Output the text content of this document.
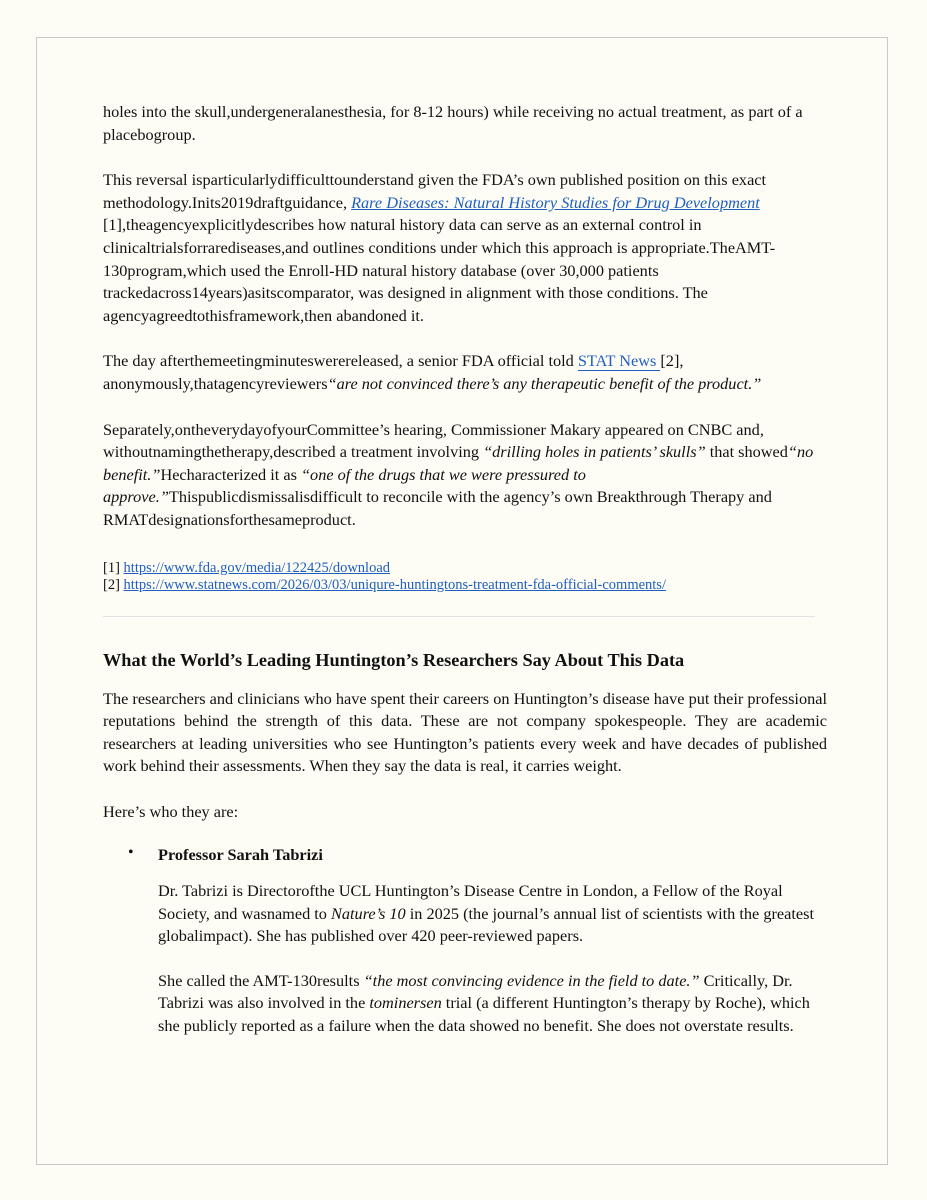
holes into the skull,undergeneralanesthesia, for 8-12 hours) while receiving no actual treatment, as part of a placebogroup.

This reversal isparticularlydifficulttounderstand given the FDA’s own published position on this exact methodology.Inits2019draftguidance, Rare Diseases: Natural History Studies for Drug Development [1],theagencyexplicitlydescribes how natural history data can serve as an external control in clinicaltrialsforrarediseases,and outlines conditions under which this approach is appropriate.TheAMT-130program,which used the Enroll-HD natural history database (over 30,000 patients trackedacross14years)asitscomparator, was designed in alignment with those conditions. The agencyagreedtothisframework,then abandoned it.

The day afterthemeetingminuteswerereleased, a senior FDA official told STAT News [2],
anonymously,thatagencyreviewers“are not convinced there’s any therapeutic benefit of the product.”

Separately,ontheverydayofyourCommittee’s hearing, Commissioner Makary appeared on CNBC and, withoutnamingthetherapy,described a treatment involving “drilling holes in patients’ skulls” that showed“no benefit.”Hecharacterized it as “one of the drugs that we were pressured to approve.”Thispublicdismissalisdifficult to reconcile with the agency’s own Breakthrough Therapy and RMATdesignationsforthesameproduct.

[1] https://www.fda.gov/media/122425/download
[2] https://www.statnews.com/2026/03/03/uniqure-huntingtons-treatment-fda-official-comments/
What the World’s Leading Huntington’s Researchers Say About This Data

The researchers and clinicians who have spent their careers on Huntington’s disease have put their professional reputations behind the strength of this data. These are not company spokespeople. They are academic researchers at leading universities who see Huntington’s patients every week and have decades of published work behind their assessments. When they say the data is real, it carries weight.

Here’s who they are:

• Professor Sarah Tabrizi

Dr. Tabrizi is Directorofthe UCL Huntington’s Disease Centre in London, a Fellow of the Royal Society, and wasnamed to Nature’s 10 in 2025 (the journal’s annual list of scientists with the greatest globalimpact). She has published over 420 peer-reviewed papers.

She called the AMT-130results “the most convincing evidence in the field to date.” Critically, Dr. Tabrizi was also involved in the tominersen trial (a different Huntington’s therapy by Roche), which she publicly reported as a failure when the data showed no benefit. She does not overstate results.
